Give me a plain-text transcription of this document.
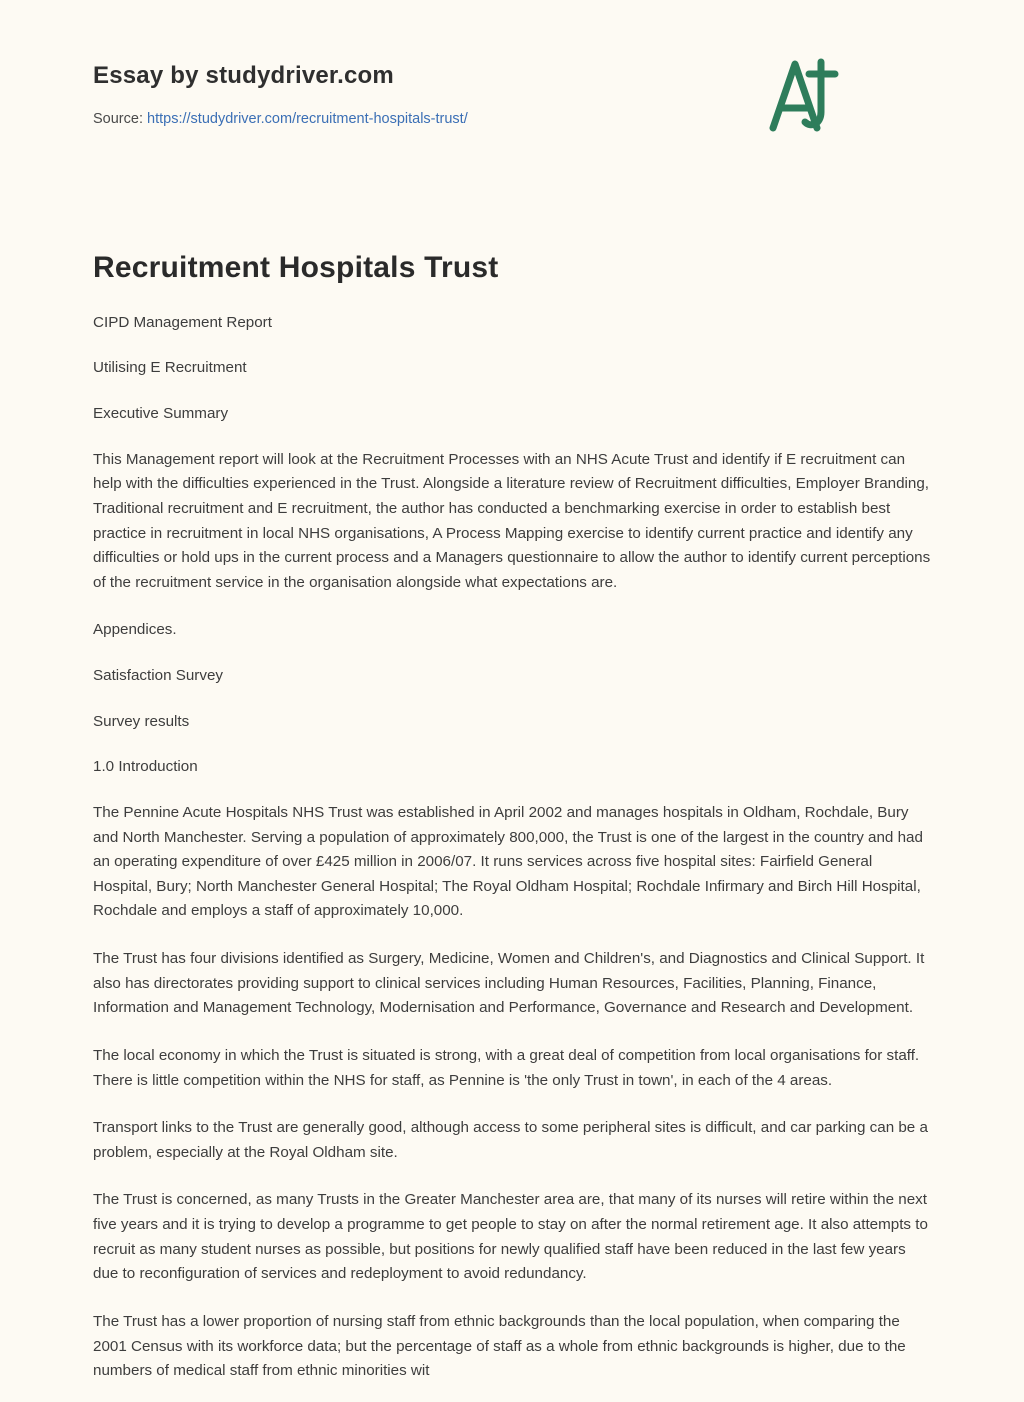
Essay by studydriver.com
Source: https://studydriver.com/recruitment-hospitals-trust/
Recruitment Hospitals Trust

CIPD Management Report

Utilising E Recruitment

Executive Summary

This Management report will look at the Recruitment Processes with an NHS Acute Trust and identify if E recruitment can help with the difficulties experienced in the Trust. Alongside a literature review of Recruitment difficulties, Employer Branding, Traditional recruitment and E recruitment, the author has conducted a benchmarking exercise in order to establish best practice in recruitment in local NHS organisations, A Process Mapping exercise to identify current practice and identify any difficulties or hold ups in the current process and a Managers questionnaire to allow the author to identify current perceptions of the recruitment service in the organisation alongside what expectations are.

Appendices.

Satisfaction Survey

Survey results

1.0 Introduction

The Pennine Acute Hospitals NHS Trust was established in April 2002 and manages hospitals in Oldham, Rochdale, Bury and North Manchester. Serving a population of approximately 800,000, the Trust is one of the largest in the country and had an operating expenditure of over £425 million in 2006/07. It runs services across five hospital sites: Fairfield General Hospital, Bury; North Manchester General Hospital; The Royal Oldham Hospital; Rochdale Infirmary and Birch Hill Hospital, Rochdale and employs a staff of approximately 10,000.

The Trust has four divisions identified as Surgery, Medicine, Women and Children's, and Diagnostics and Clinical Support. It also has directorates providing support to clinical services including Human Resources, Facilities, Planning, Finance, Information and Management Technology, Modernisation and Performance, Governance and Research and Development.

The local economy in which the Trust is situated is strong, with a great deal of competition from local organisations for staff. There is little competition within the NHS for staff, as Pennine is 'the only Trust in town', in each of the 4 areas.

Transport links to the Trust are generally good, although access to some peripheral sites is difficult, and car parking can be a problem, especially at the Royal Oldham site.

The Trust is concerned, as many Trusts in the Greater Manchester area are, that many of its nurses will retire within the next five years and it is trying to develop a programme to get people to stay on after the normal retirement age. It also attempts to recruit as many student nurses as possible, but positions for newly qualified staff have been reduced in the last few years due to reconfiguration of services and redeployment to avoid redundancy.

The Trust has a lower proportion of nursing staff from ethnic backgrounds than the local population, when comparing the 2001 Census with its workforce data; but the percentage of staff as a whole from ethnic backgrounds is higher, due to the numbers of medical staff from ethnic minorities wit
